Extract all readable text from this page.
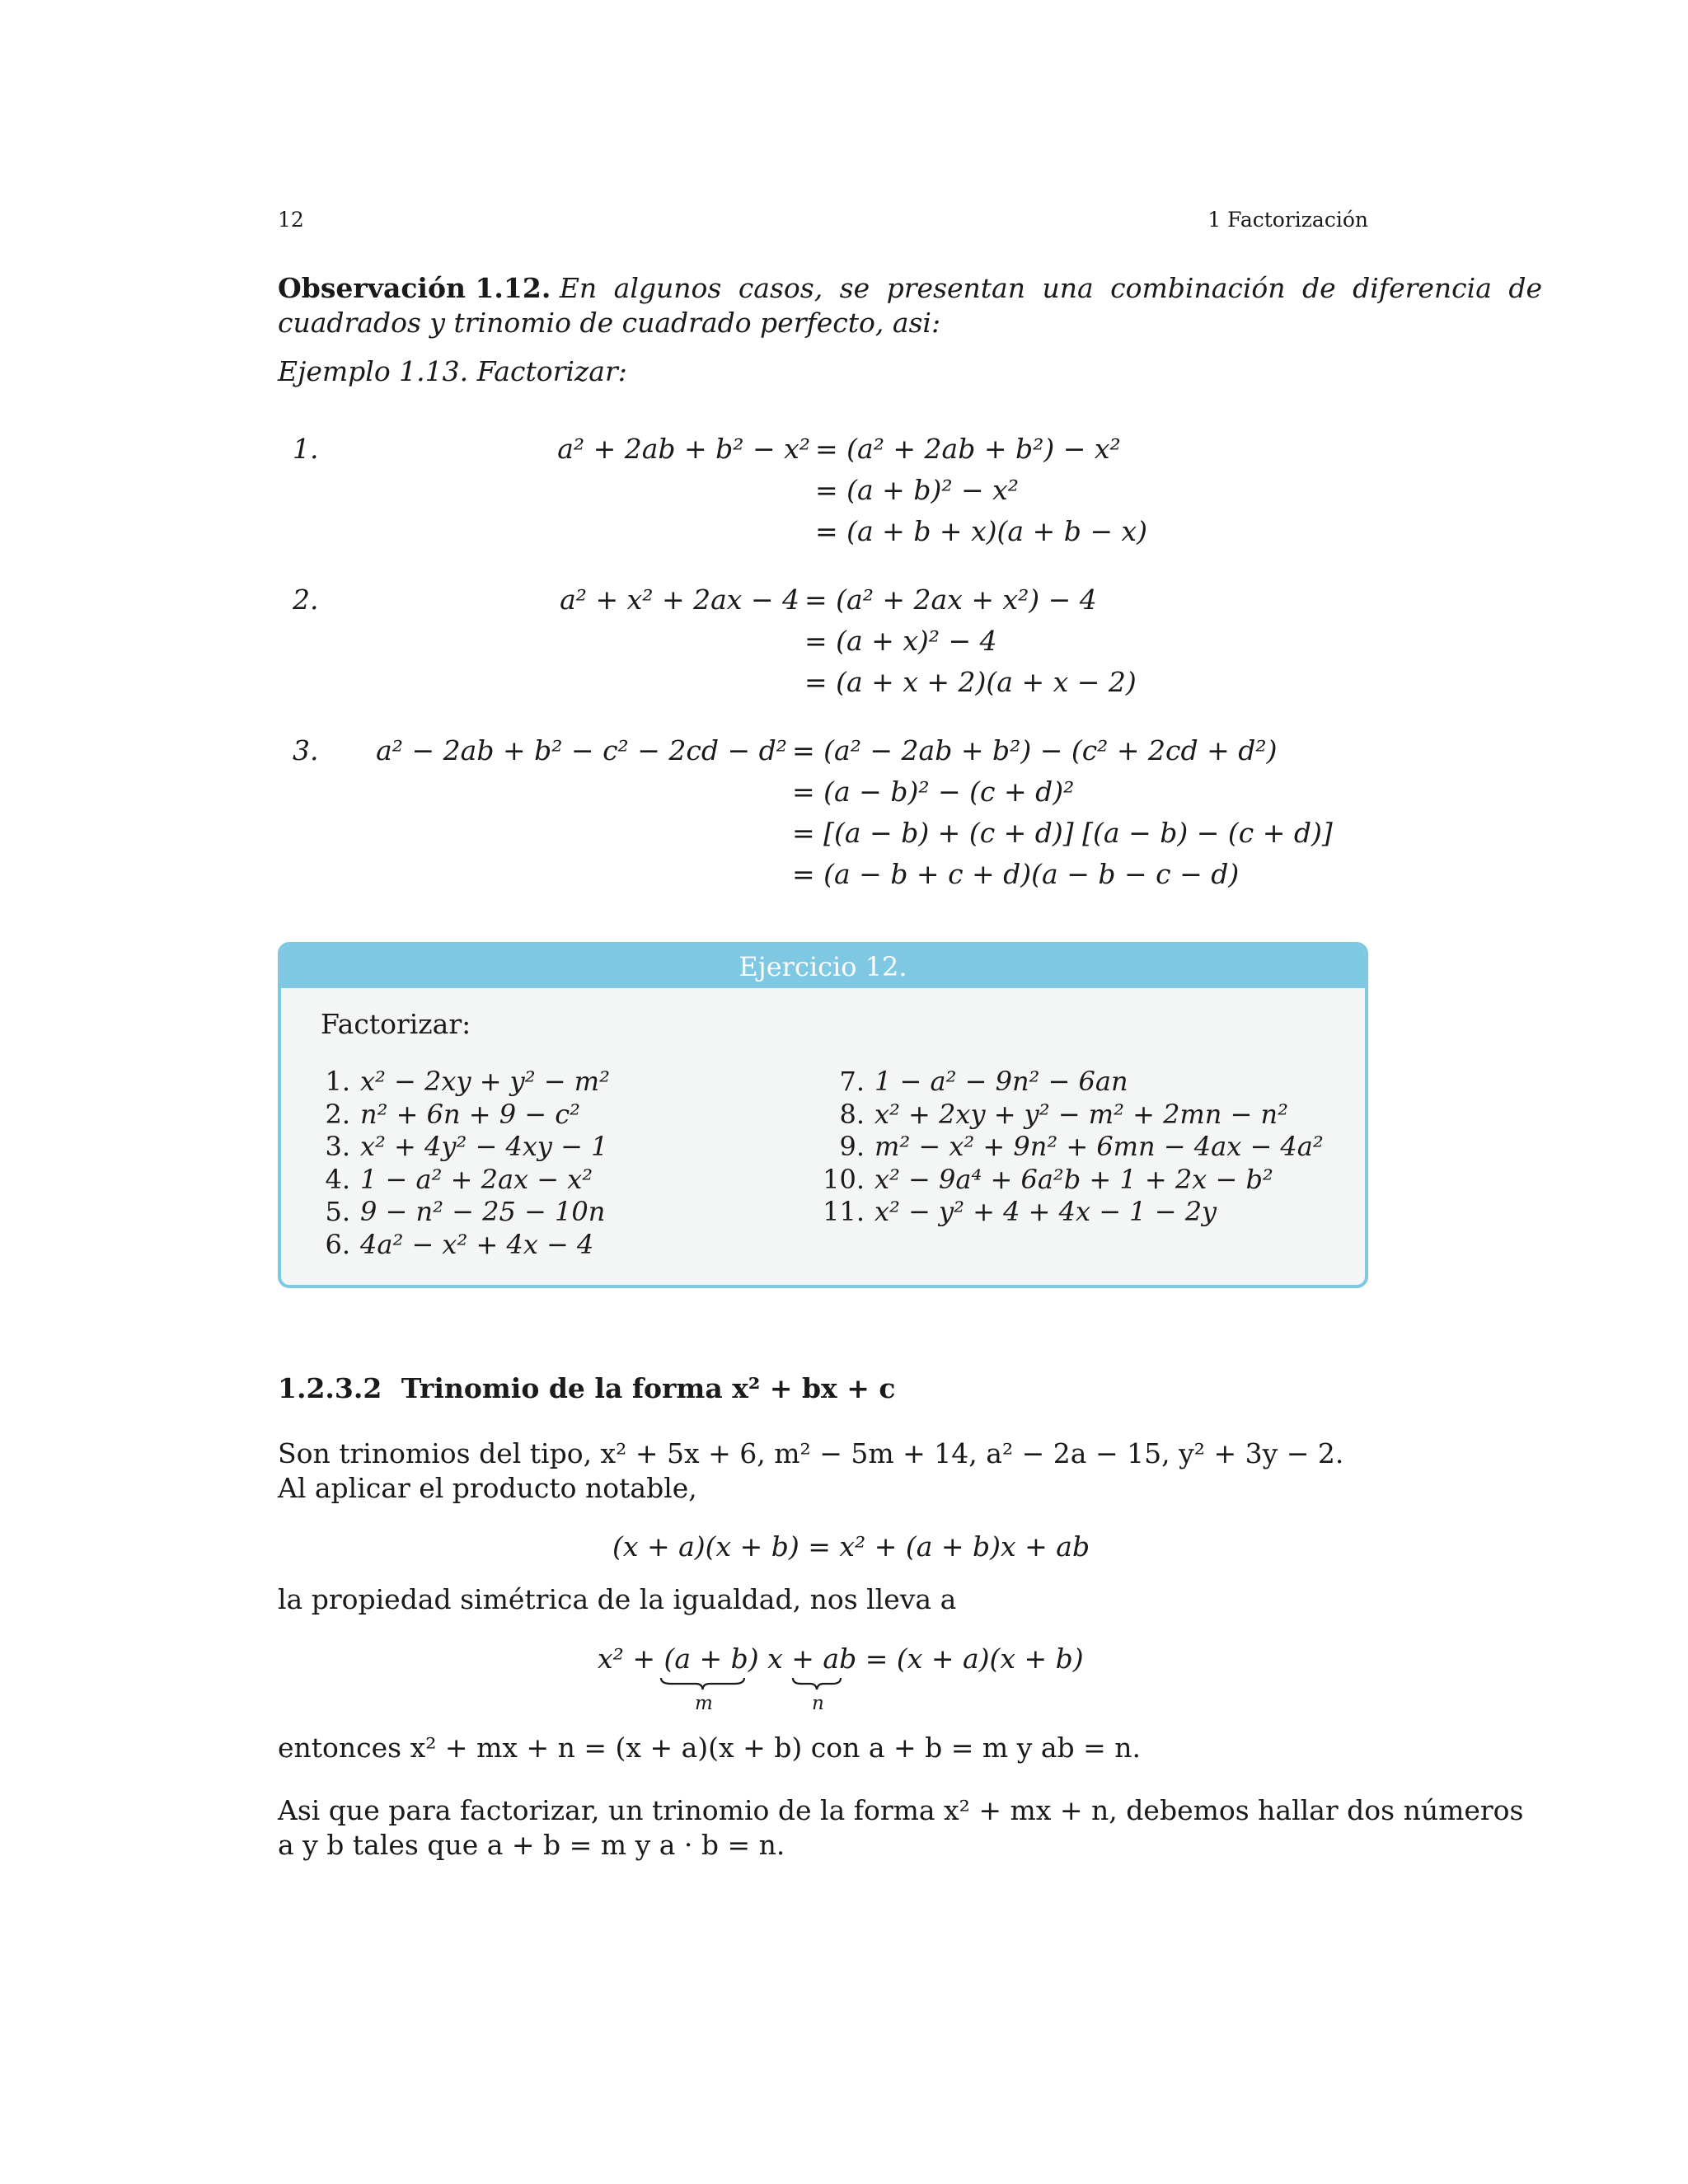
12	1 Factorización
Observación 1.12. En algunos casos, se presentan una combinación de diferencia de
cuadrados y trinomio de cuadrado perfecto, asi:
Ejemplo 1.13. Factorizar:
1.	a² + 2ab + b² − x² = (a² + 2ab + b²) − x²
= (a + b)² − x²
= (a + b + x)(a + b − x)
2.	a² + x² + 2ax − 4 = (a² + 2ax + x²) − 4
= (a + x)² − 4
= (a + x + 2)(a + x − 2)
3. a² − 2ab + b² − c² − 2cd − d² = (a² − 2ab + b²) − (c² + 2cd + d²)
= (a − b)² − (c + d)²
= [(a − b) + (c + d)] [(a − b) − (c + d)]
= (a − b + c + d)(a − b − c − d)
Ejercicio 12.
Factorizar:
1. x² − 2xy + y² − m²
2. n² + 6n + 9 − c²
3. x² + 4y² − 4xy − 1
4. 1 − a² + 2ax − x²
5. 9 − n² − 25 − 10n
6. 4a² − x² + 4x − 4
7. 1 − a² − 9n² − 6an
8. x² + 2xy + y² − m² + 2mn − n²
9. m² − x² + 9n² + 6mn − 4ax − 4a²
10. x² − 9a⁴ + 6a²b + 1 + 2x − b²
11. x² − y² + 4 + 4x − 1 − 2y
1.2.3.2 Trinomio de la forma x² + bx + c
Son trinomios del tipo, x² + 5x + 6, m² − 5m + 14, a² − 2a − 15, y² + 3y − 2.
Al aplicar el producto notable,
(x + a)(x + b) = x² + (a + b)x + ab
la propiedad simétrica de la igualdad, nos lleva a
x² + (a + b) x + ab = (x + a)(x + b)
m	n
entonces x² + mx + n = (x + a)(x + b) con a + b = m y ab = n.
Asi que para factorizar, un trinomio de la forma x² + mx + n, debemos hallar dos números
a y b tales que a + b = m y a · b = n.
